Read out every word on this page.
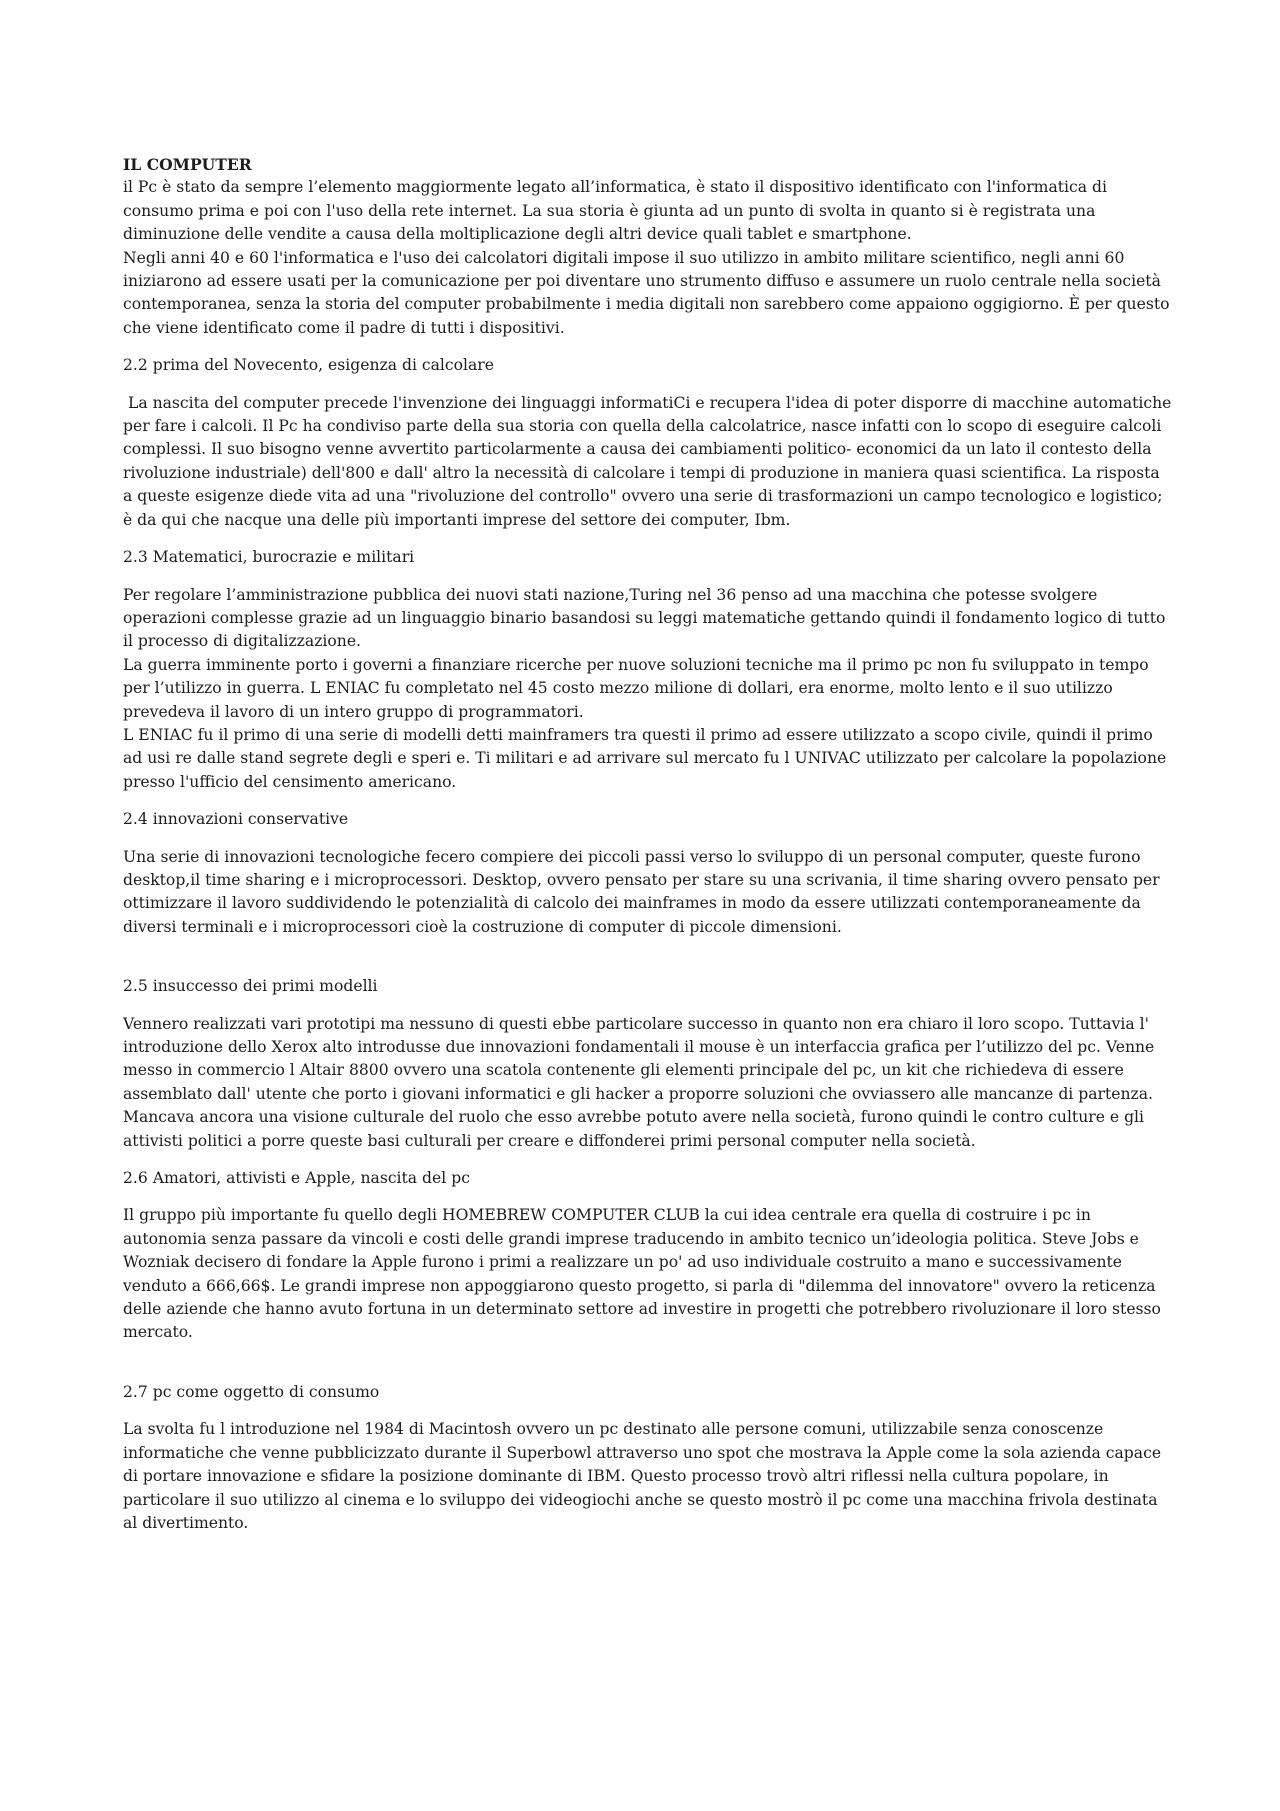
IL COMPUTER
il Pc è stato da sempre l’elemento maggiormente legato all’informatica, è stato il dispositivo identificato con l'informatica di consumo prima e poi con l'uso della rete internet. La sua storia è giunta ad un punto di svolta in quanto si è registrata una diminuzione delle vendite a causa della moltiplicazione degli altri device quali tablet e smartphone.
Negli anni 40 e 60 l'informatica e l'uso dei calcolatori digitali impose il suo utilizzo in ambito militare scientifico, negli anni 60 iniziarono ad essere usati per la comunicazione per poi diventare uno strumento diffuso e assumere un ruolo centrale nella società contemporanea, senza la storia del computer probabilmente i media digitali non sarebbero come appaiono oggigiorno. È per questo che viene identificato come il padre di tutti i dispositivi.
2.2 prima del Novecento, esigenza di calcolare
La nascita del computer precede l'invenzione dei linguaggi informatiCi e recupera l'idea di poter disporre di macchine automatiche per fare i calcoli. Il Pc ha condiviso parte della sua storia con quella della calcolatrice, nasce infatti con lo scopo di eseguire calcoli complessi. Il suo bisogno venne avvertito particolarmente a causa dei cambiamenti politico- economici da un lato il contesto della rivoluzione industriale) dell'800 e dall' altro la necessità di calcolare i tempi di produzione in maniera quasi scientifica. La risposta a queste esigenze diede vita ad una "rivoluzione del controllo" ovvero una serie di trasformazioni un campo tecnologico e logistico; è da qui che nacque una delle più importanti imprese del settore dei computer, Ibm.
2.3 Matematici, burocrazie e militari
Per regolare l’amministrazione pubblica dei nuovi stati nazione,Turing nel 36 penso ad una macchina che potesse svolgere operazioni complesse grazie ad un linguaggio binario basandosi su leggi matematiche gettando quindi il fondamento logico di tutto il processo di digitalizzazione.
La guerra imminente porto i governi a finanziare ricerche per nuove soluzioni tecniche ma il primo pc non fu sviluppato in tempo per l’utilizzo in guerra. L ENIAC fu completato nel 45 costo mezzo milione di dollari, era enorme, molto lento e il suo utilizzo prevedeva il lavoro di un intero gruppo di programmatori.
L ENIAC fu il primo di una serie di modelli detti mainframers tra questi il primo ad essere utilizzato a scopo civile, quindi il primo ad usi re dalle stand segrete degli e speri e. Ti militari e ad arrivare sul mercato fu l UNIVAC utilizzato per calcolare la popolazione presso l'ufficio del censimento americano.
2.4 innovazioni conservative
Una serie di innovazioni tecnologiche fecero compiere dei piccoli passi verso lo sviluppo di un personal computer, queste furono desktop,il time sharing e i microprocessori. Desktop, ovvero pensato per stare su una scrivania, il time sharing ovvero pensato per ottimizzare il lavoro suddividendo le potenzialità di calcolo dei mainframes in modo da essere utilizzati contemporaneamente da diversi terminali e i microprocessori cioè la costruzione di computer di piccole dimensioni.
2.5 insuccesso dei primi modelli
Vennero realizzati vari prototipi ma nessuno di questi ebbe particolare successo in quanto non era chiaro il loro scopo. Tuttavia l' introduzione dello Xerox alto introdusse due innovazioni fondamentali il mouse è un interfaccia grafica per l’utilizzo del pc. Venne messo in commercio l Altair 8800 ovvero una scatola contenente gli elementi principale del pc, un kit che richiedeva di essere assemblato dall' utente che porto i giovani informatici e gli hacker a proporre soluzioni che ovviassero alle mancanze di partenza. Mancava ancora una visione culturale del ruolo che esso avrebbe potuto avere nella società, furono quindi le contro culture e gli attivisti politici a porre queste basi culturali per creare e diffonderei primi personal computer nella società.
2.6 Amatori, attivisti e Apple, nascita del pc
Il gruppo più importante fu quello degli HOMEBREW COMPUTER CLUB la cui idea centrale era quella di costruire i pc in autonomia senza passare da vincoli e costi delle grandi imprese traducendo in ambito tecnico un’ideologia politica. Steve Jobs e Wozniak decisero di fondare la Apple furono i primi a realizzare un po' ad uso individuale costruito a mano e successivamente venduto a 666,66$. Le grandi imprese non appoggiarono questo progetto, si parla di "dilemma del innovatore" ovvero la reticenza delle aziende che hanno avuto fortuna in un determinato settore ad investire in progetti che potrebbero rivoluzionare il loro stesso mercato.
2.7 pc come oggetto di consumo
La svolta fu l introduzione nel 1984 di Macintosh ovvero un pc destinato alle persone comuni, utilizzabile senza conoscenze informatiche che venne pubblicizzato durante il Superbowl attraverso uno spot che mostrava la Apple come la sola azienda capace di portare innovazione e sfidare la posizione dominante di IBM. Questo processo trovò altri riflessi nella cultura popolare, in particolare il suo utilizzo al cinema e lo sviluppo dei videogiochi anche se questo mostrò il pc come una macchina frivola destinata al divertimento.
